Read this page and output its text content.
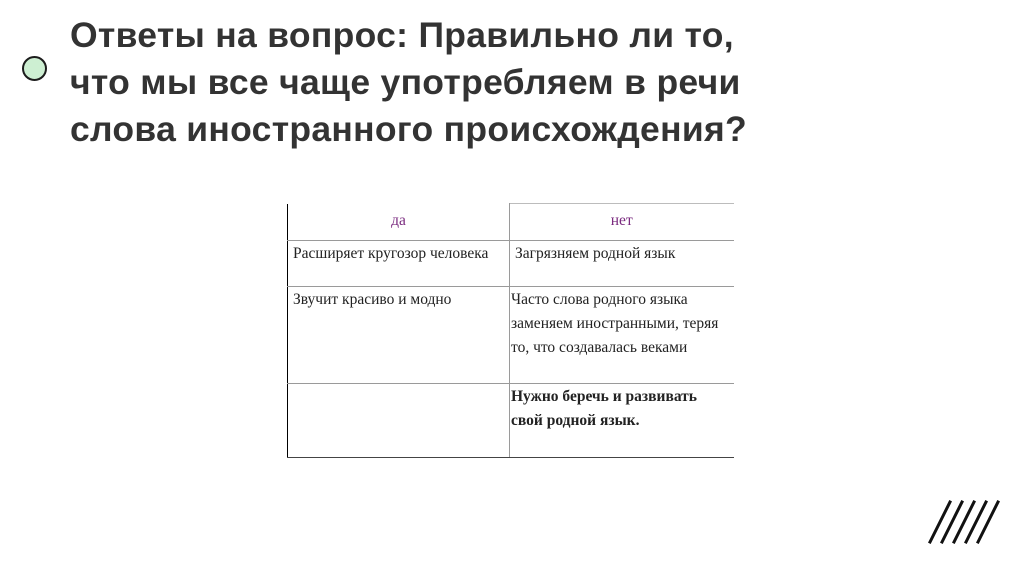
Ответы на вопрос: Правильно ли то,
что мы все чаще употребляем в речи
слова иностранного происхождения?
да	нет

Расширяет кругозор человека	Загрязняем родной язык

Звучит красиво и модно	Часто слова родного языка заменяем иностранными, теряя то, что создавалась веками

	Нужно беречь и развивать свой родной язык.
